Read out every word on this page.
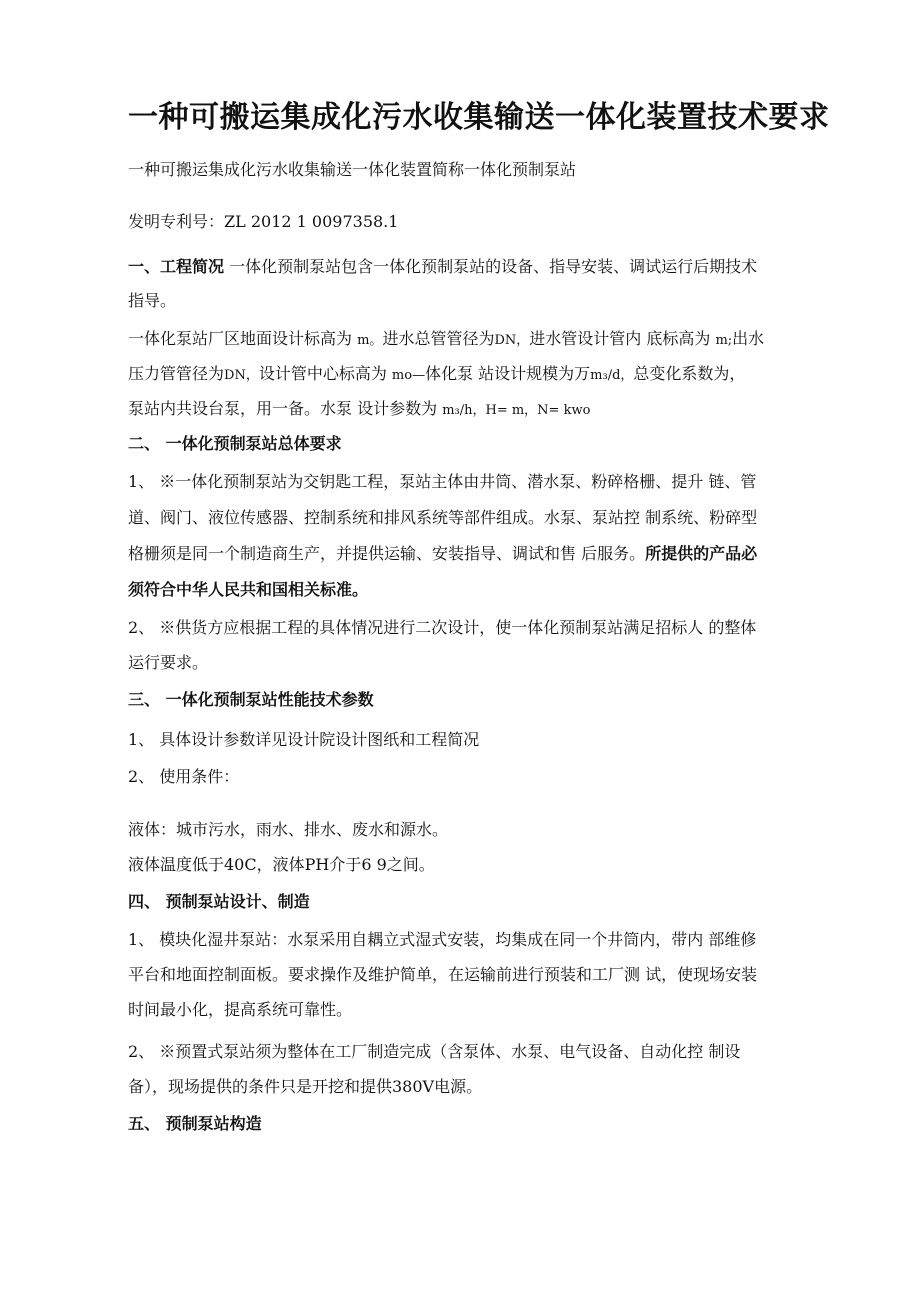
一种可搬运集成化污水收集输送一体化装置技术要求
一种可搬运集成化污水收集输送一体化装置简称一体化预制泵站
发明专利号：ZL 2012 1 0097358.1
一、工程简况 一体化预制泵站包含一体化预制泵站的设备、指导安装、调试运行后期技术
指导。
一体化泵站厂区地面设计标高为 m。进水总管管径为DN，进水管设计管内 底标高为 m;出水
压力管管径为DN，设计管中心标高为 mo—体化泵 站设计规模为万m₃/d，总变化系数为，
泵站内共设台泵，用一备。水泵 设计参数为 m₃/h，H= m，N= kwo
二、 一体化预制泵站总体要求
1、 ※一体化预制泵站为交钥匙工程，泵站主体由井筒、潜水泵、粉碎格栅、提升 链、管
道、阀门、液位传感器、控制系统和排风系统等部件组成。水泵、泵站控 制系统、粉碎型
格栅须是同一个制造商生产，并提供运输、安装指导、调试和售 后服务。所提供的产品必
须符合中华人民共和国相关标准。
2、 ※供货方应根据工程的具体情况进行二次设计，使一体化预制泵站满足招标人 的整体
运行要求。
三、 一体化预制泵站性能技术参数
1、 具体设计参数详见设计院设计图纸和工程简况
2、 使用条件：
液体：城市污水，雨水、排水、废水和源水。
液体温度低于40C，液体PH介于6 9之间。
四、 预制泵站设计、制造
1、 模块化湿井泵站：水泵采用自耦立式湿式安装，均集成在同一个井筒内，带内 部维修
平台和地面控制面板。要求操作及维护简单，在运输前进行预装和工厂测 试，使现场安装
时间最小化，提高系统可靠性。
2、 ※预置式泵站须为整体在工厂制造完成（含泵体、水泵、电气设备、自动化控 制设
备），现场提供的条件只是开挖和提供380V电源。
五、 预制泵站构造
